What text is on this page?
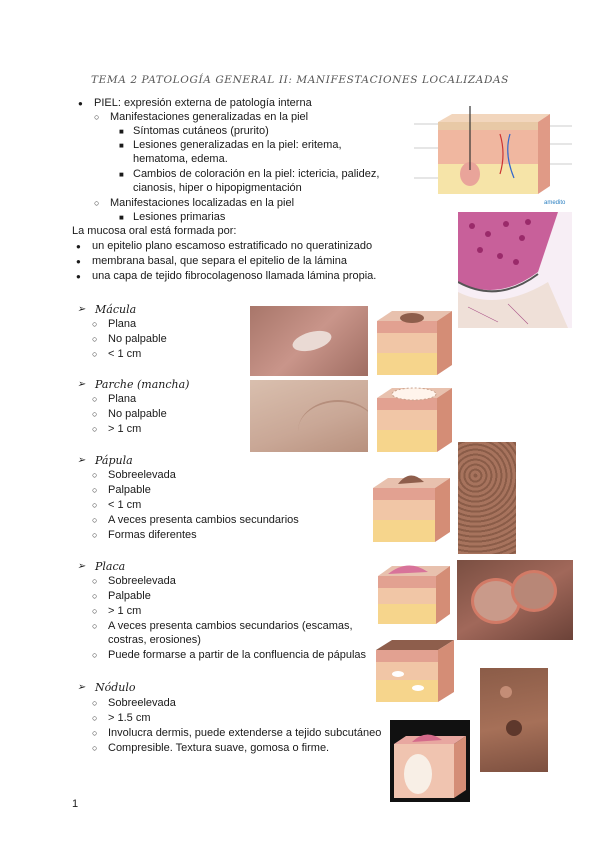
TEMA 2 PATOLOGÍA GENERAL II: MANIFESTACIONES LOCALIZADAS
● PIEL: expresión externa de patología interna
○ Manifestaciones generalizadas en la piel
■ Síntomas cutáneos (prurito)
■ Lesiones generalizadas en la piel: eritema,
hematoma, edema.
■ Cambios de coloración en la piel: ictericia, palidez,
cianosis, hiper o hipopigmentación
○ Manifestaciones localizadas en la piel
■ Lesiones primarias
La mucosa oral está formada por:
● un epitelio plano escamoso estratificado no queratinizado
● membrana basal, que separa el epitelio de la lámina
● una capa de tejido fibrocolagenoso llamada lámina propia.
➢ Mácula
○ Plana
○ No palpable
○ < 1 cm
➢ Parche (mancha)
○ Plana
○ No palpable
○ > 1 cm
➢ Pápula
○ Sobreelevada
○ Palpable
○ < 1 cm
○ A veces presenta cambios secundarios
○ Formas diferentes
➢ Placa
○ Sobreelevada
○ Palpable
○ > 1 cm
○ A veces presenta cambios secundarios (escamas,
costras, erosiones)
○ Puede formarse a partir de la confluencia de pápulas
➢ Nódulo
○ Sobreelevada
○ > 1.5 cm
○ Involucra dermis, puede extenderse a tejido subcutáneo
○ Compresible. Textura suave, gomosa o firme.
1
amedito
